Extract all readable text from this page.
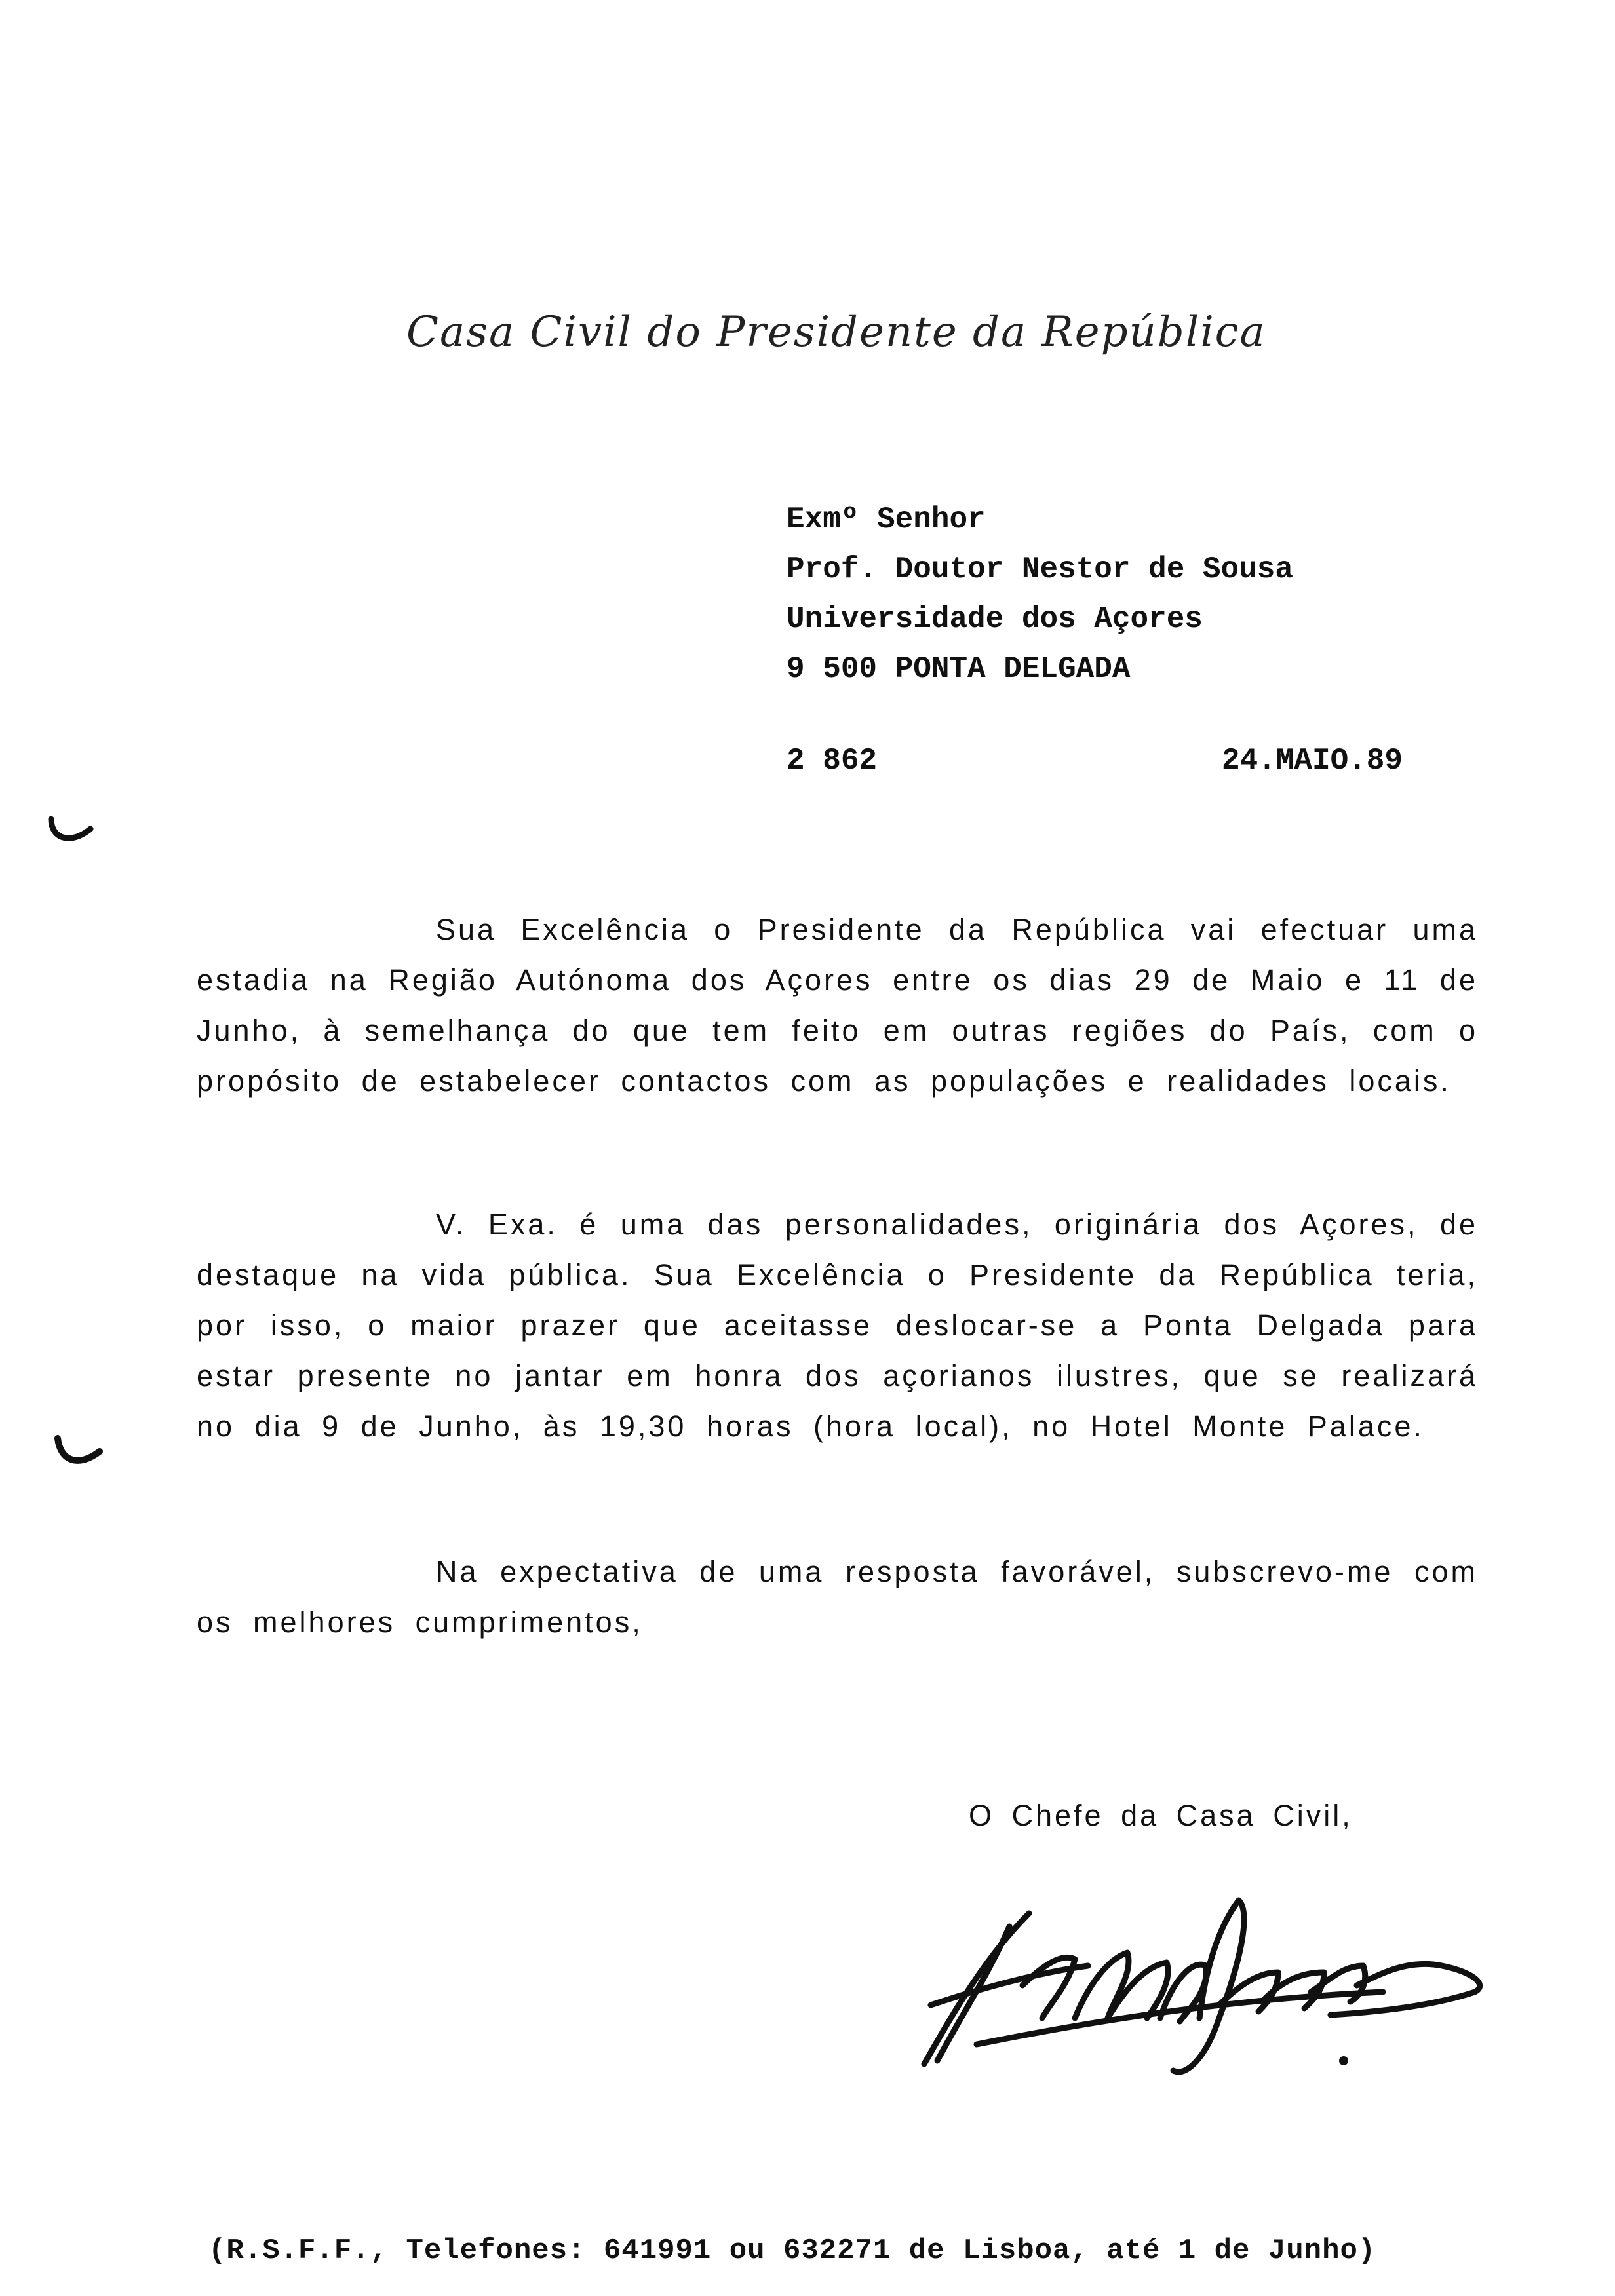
Casa Civil do Presidente da República
Exmº Senhor
Prof. Doutor Nestor de Sousa
Universidade dos Açores
9 500 PONTA DELGADA
2 862	24.MAIO.89

Sua Excelência o Presidente da República vai efectuar uma estadia na Região Autónoma dos Açores entre os dias 29 de Maio e 11 de Junho, à semelhança do que tem feito em outras regiões do País, com o propósito de estabelecer contactos com as populações e realidades locais.

V. Exa. é uma das personalidades, originária dos Açores, de destaque na vida pública. Sua Excelência o Presidente da República teria, por isso, o maior prazer que aceitasse deslocar-se a Ponta Delgada para estar presente no jantar em honra dos açorianos ilustres, que se realizará no dia 9 de Junho, às 19,30 horas (hora local), no Hotel Monte Palace.

Na expectativa de uma resposta favorável, subscrevo-me com os melhores cumprimentos,

O Chefe da Casa Civil,
(R.S.F.F., Telefones: 641991 ou 632271 de Lisboa, até 1 de Junho)
